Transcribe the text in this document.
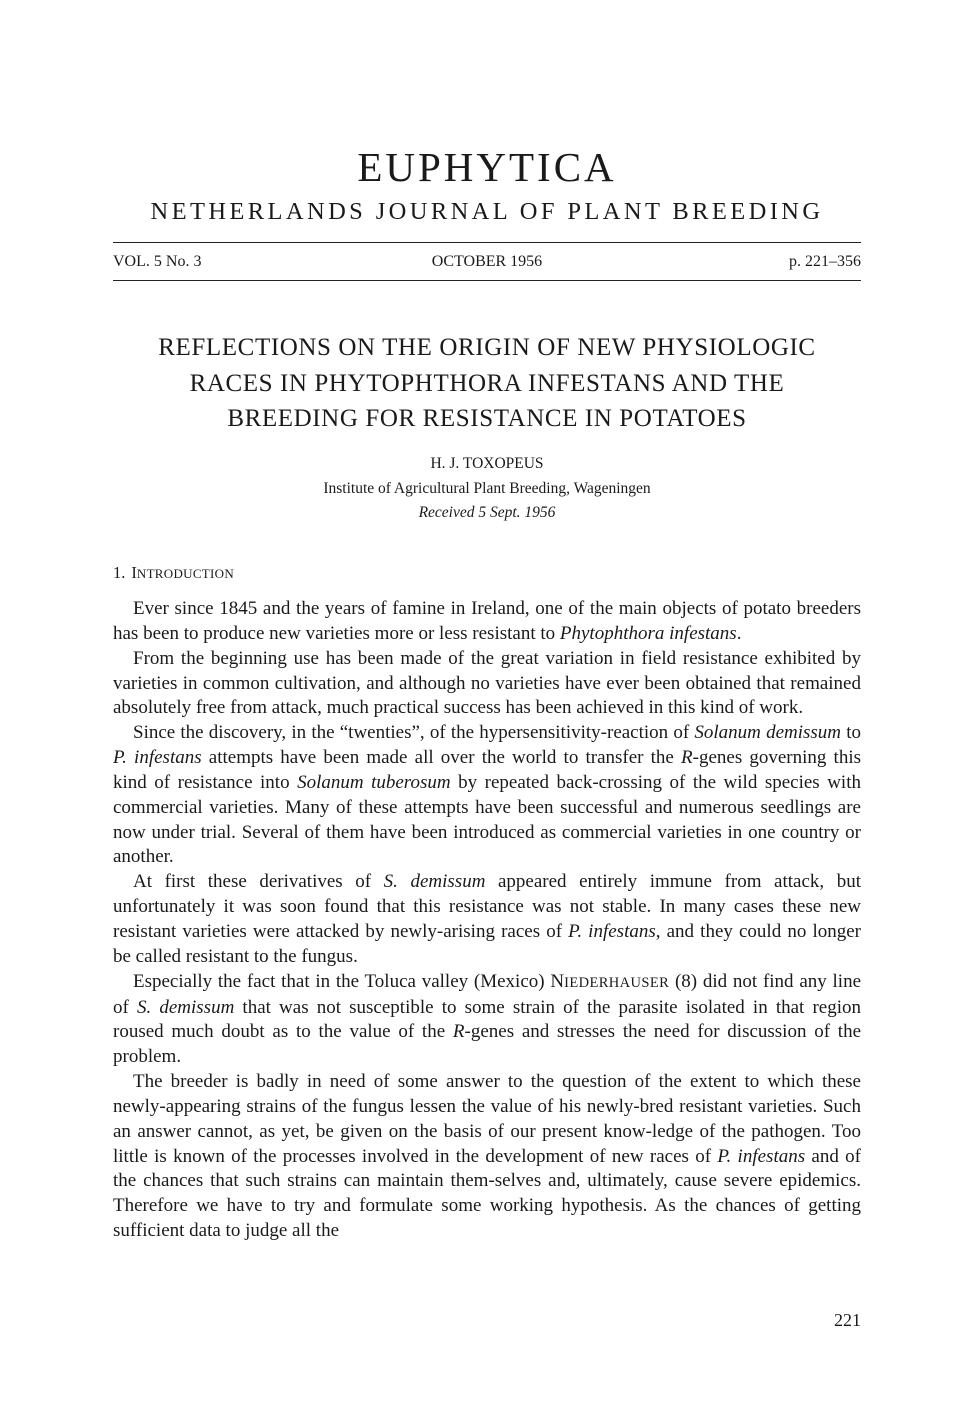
EUPHYTICA
NETHERLANDS JOURNAL OF PLANT BREEDING
VOL. 5 No. 3	OCTOBER 1956	p. 221–356
REFLECTIONS ON THE ORIGIN OF NEW PHYSIOLOGIC
RACES IN PHYTOPHTHORA INFESTANS AND THE
BREEDING FOR RESISTANCE IN POTATOES
H. J. TOXOPEUS
Institute of Agricultural Plant Breeding, Wageningen
Received 5 Sept. 1956
1. INTRODUCTION

Ever since 1845 and the years of famine in Ireland, one of the main objects of potato breeders has been to produce new varieties more or less resistant to Phytophthora infestans.

From the beginning use has been made of the great variation in field resistance exhibited by varieties in common cultivation, and although no varieties have ever been obtained that remained absolutely free from attack, much practical success has been achieved in this kind of work.

Since the discovery, in the “twenties”, of the hypersensitivity-reaction of Solanum demissum to P. infestans attempts have been made all over the world to transfer the R-genes governing this kind of resistance into Solanum tuberosum by repeated back-crossing of the wild species with commercial varieties. Many of these attempts have been successful and numerous seedlings are now under trial. Several of them have been introduced as commercial varieties in one country or another.

At first these derivatives of S. demissum appeared entirely immune from attack, but unfortunately it was soon found that this resistance was not stable. In many cases these new resistant varieties were attacked by newly-arising races of P. infestans, and they could no longer be called resistant to the fungus.

Especially the fact that in the Toluca valley (Mexico) NIEDERHAUSER (8) did not find any line of S. demissum that was not susceptible to some strain of the parasite isolated in that region roused much doubt as to the value of the R-genes and stresses the need for discussion of the problem.

The breeder is badly in need of some answer to the question of the extent to which these newly-appearing strains of the fungus lessen the value of his newly-bred resistant varieties. Such an answer cannot, as yet, be given on the basis of our present know-ledge of the pathogen. Too little is known of the processes involved in the development of new races of P. infestans and of the chances that such strains can maintain them-selves and, ultimately, cause severe epidemics. Therefore we have to try and formulate some working hypothesis. As the chances of getting sufficient data to judge all the

221
